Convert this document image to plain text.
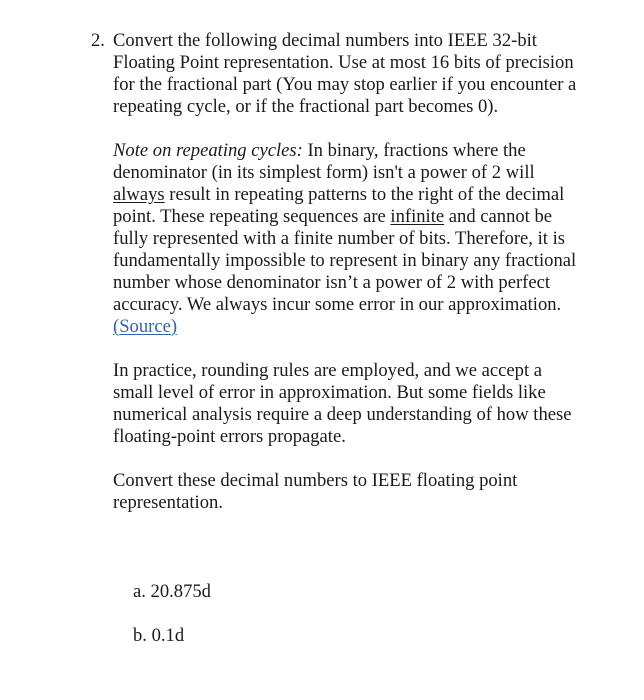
2. Convert the following decimal numbers into IEEE 32-bit Floating Point representation. Use at most 16 bits of precision for the fractional part (You may stop earlier if you encounter a repeating cycle, or if the fractional part becomes 0).

Note on repeating cycles: In binary, fractions where the denominator (in its simplest form) isn't a power of 2 will always result in repeating patterns to the right of the decimal point. These repeating sequences are infinite and cannot be fully represented with a finite number of bits. Therefore, it is fundamentally impossible to represent in binary any fractional number whose denominator isn’t a power of 2 with perfect accuracy. We always incur some error in our approximation. (Source)

In practice, rounding rules are employed, and we accept a small level of error in approximation. But some fields like numerical analysis require a deep understanding of how these floating-point errors propagate.

Convert these decimal numbers to IEEE floating point representation.

a. 20.875d
b. 0.1d
